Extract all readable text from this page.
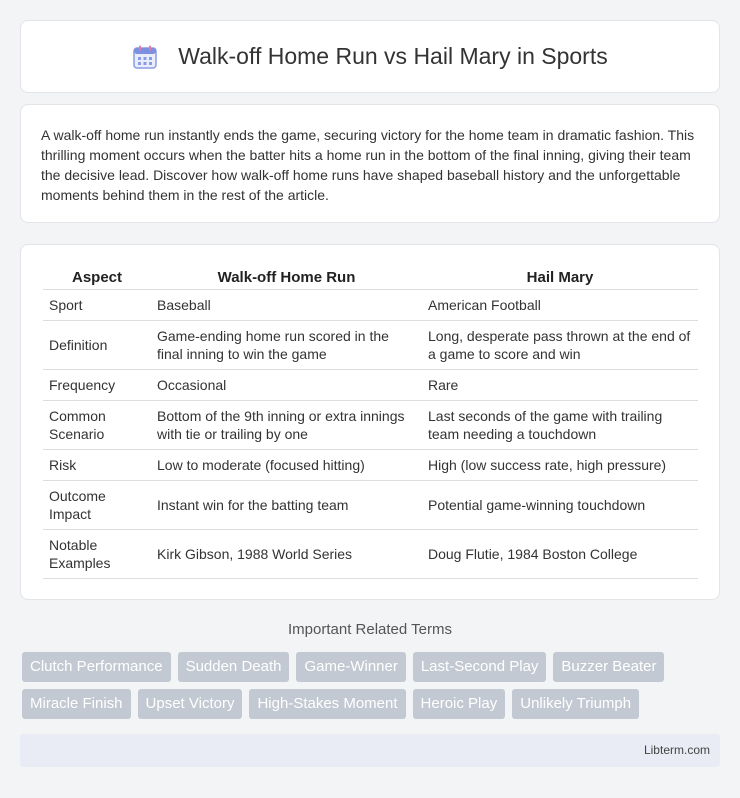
Walk-off Home Run vs Hail Mary in Sports

A walk-off home run instantly ends the game, securing victory for the home team in dramatic fashion. This thrilling moment occurs when the batter hits a home run in the bottom of the final inning, giving their team the decisive lead. Discover how walk-off home runs have shaped baseball history and the unforgettable moments behind them in the rest of the article.

Aspect	Walk-off Home Run	Hail Mary
Sport	Baseball	American Football
Definition	Game-ending home run scored in the final inning to win the game	Long, desperate pass thrown at the end of a game to score and win
Frequency	Occasional	Rare
Common Scenario	Bottom of the 9th inning or extra innings with tie or trailing by one	Last seconds of the game with trailing team needing a touchdown
Risk	Low to moderate (focused hitting)	High (low success rate, high pressure)
Outcome Impact	Instant win for the batting team	Potential game-winning touchdown
Notable Examples	Kirk Gibson, 1988 World Series	Doug Flutie, 1984 Boston College
Important Related Terms
Clutch Performance	Sudden Death	Game-Winner	Last-Second Play	Buzzer Beater
Miracle Finish	Upset Victory	High-Stakes Moment	Heroic Play	Unlikely Triumph
Libterm.com
